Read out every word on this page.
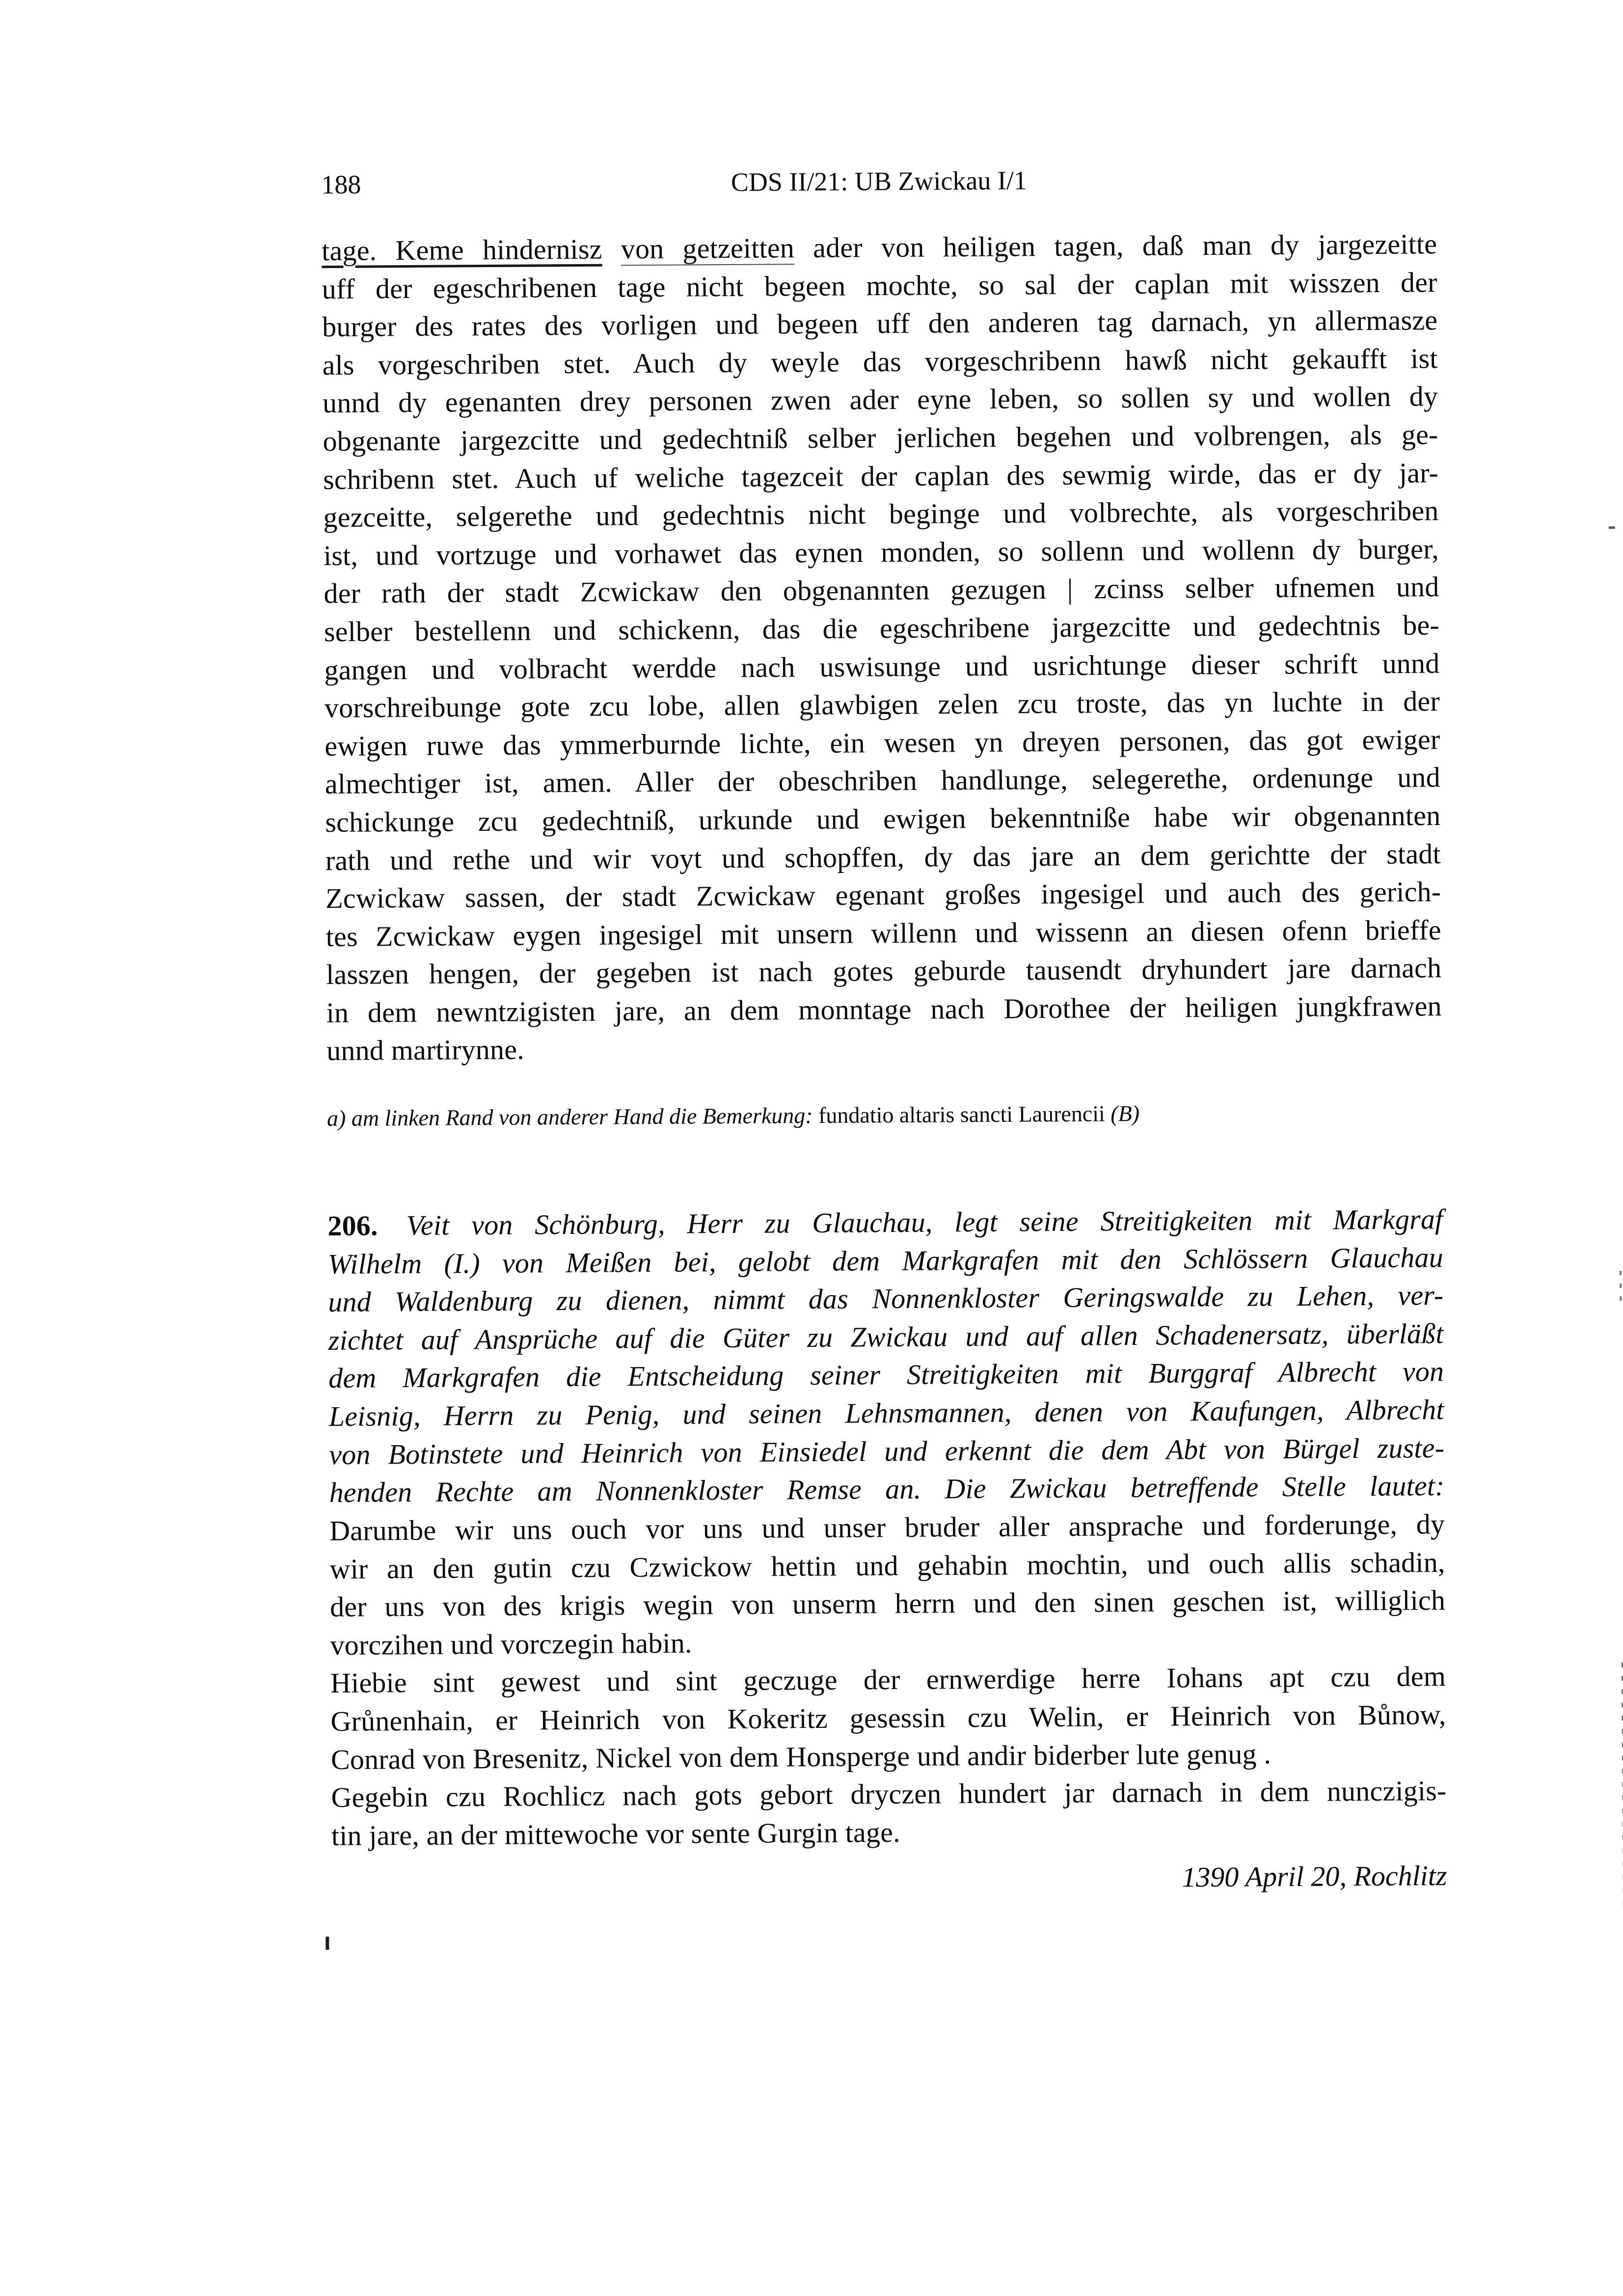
188	CDS II/21: UB Zwickau I/1
tage. Keme hindernisz von getzeitten ader von heiligen tagen, daß man dy jargezeitte
uff der egeschribenen tage nicht begeen mochte, so sal der caplan mit wisszen der
burger des rates des vorligen und begeen uff den anderen tag darnach, yn allermasze
als vorgeschriben stet. Auch dy weyle das vorgeschribenn hawß nicht gekaufft ist
unnd dy egenanten drey personen zwen ader eyne leben, so sollen sy und wollen dy
obgenante jargezcitte und gedechtniß selber jerlichen begehen und volbrengen, als ge-
schribenn stet. Auch uf weliche tagezceit der caplan des sewmig wirde, das er dy jar-
gezceitte, selgerethe und gedechtnis nicht beginge und volbrechte, als vorgeschriben
ist, und vortzuge und vorhawet das eynen monden, so sollenn und wollenn dy burger,
der rath der stadt Zcwickaw den obgenannten gezugen | zcinss selber ufnemen und
selber bestellenn und schickenn, das die egeschribene jargezcitte und gedechtnis be-
gangen und volbracht werdde nach uswisunge und usrichtunge dieser schrift unnd
vorschreibunge gote zcu lobe, allen glawbigen zelen zcu troste, das yn luchte in der
ewigen ruwe das ymmerburnde lichte, ein wesen yn dreyen personen, das got ewiger
almechtiger ist, amen. Aller der obeschriben handlunge, selegerethe, ordenunge und
schickunge zcu gedechtniß, urkunde und ewigen bekenntniße habe wir obgenannten
rath und rethe und wir voyt und schopffen, dy das jare an dem gerichtte der stadt
Zcwickaw sassen, der stadt Zcwickaw egenant großes ingesigel und auch des gerich-
tes Zcwickaw eygen ingesigel mit unsern willenn und wissenn an diesen ofenn brieffe
lasszen hengen, der gegeben ist nach gotes geburde tausendt dryhundert jare darnach
in dem newntzigisten jare, an dem monntage nach Dorothee der heiligen jungkfrawen
unnd martirynne.
a) am linken Rand von anderer Hand die Bemerkung: fundatio altaris sancti Laurencii (B)
206. Veit von Schönburg, Herr zu Glauchau, legt seine Streitigkeiten mit Markgraf
Wilhelm (I.) von Meißen bei, gelobt dem Markgrafen mit den Schlössern Glauchau
und Waldenburg zu dienen, nimmt das Nonnenkloster Geringswalde zu Lehen, ver-
zichtet auf Ansprüche auf die Güter zu Zwickau und auf allen Schadenersatz, überläßt
dem Markgrafen die Entscheidung seiner Streitigkeiten mit Burggraf Albrecht von
Leisnig, Herrn zu Penig, und seinen Lehnsmannen, denen von Kaufungen, Albrecht
von Botinstete und Heinrich von Einsiedel und erkennt die dem Abt von Bürgel zuste-
henden Rechte am Nonnenkloster Remse an. Die Zwickau betreffende Stelle lautet:
Darumbe wir uns ouch vor uns und unser bruder aller ansprache und forderunge, dy
wir an den gutin czu Czwickow hettin und gehabin mochtin, und ouch allis schadin,
der uns von des krigis wegin von unserm herrn und den sinen geschen ist, williglich
vorczihen und vorczegin habin.
Hiebie sint gewest und sint geczuge der ernwerdige herre Iohans apt czu dem
Grůnenhain, er Heinrich von Kokeritz gesessin czu Welin, er Heinrich von Bůnow,
Conrad von Bresenitz, Nickel von dem Honsperge und andir biderber lute genug .
Gegebin czu Rochlicz nach gots gebort dryczen hundert jar darnach in dem nunczigis-
tin jare, an der mittewoche vor sente Gurgin tage.
1390 April 20, Rochlitz
